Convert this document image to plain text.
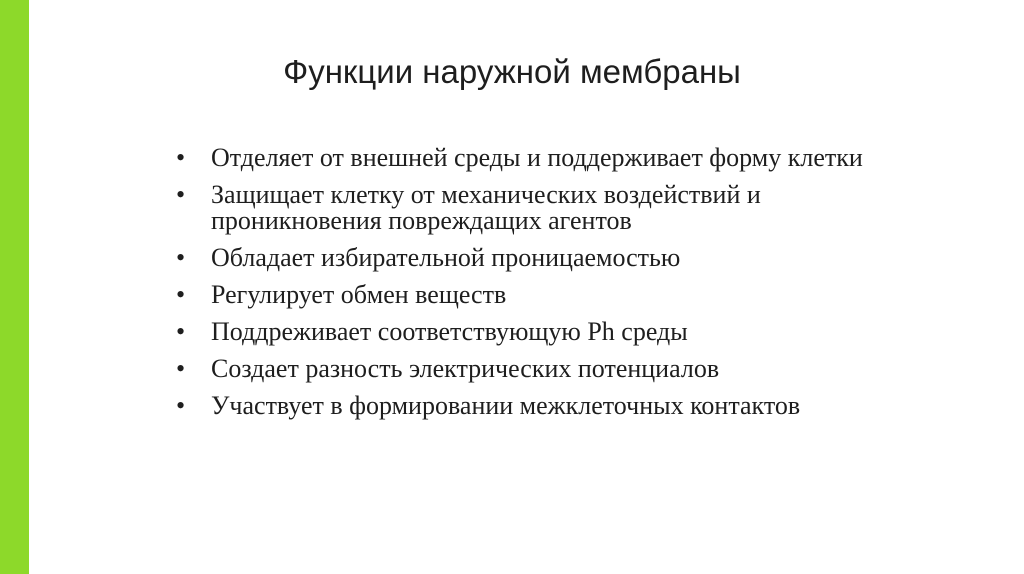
Функции наружной мембраны
• Отделяет от внешней среды и поддерживает форму клетки
• Защищает клетку от механических воздействий и проникновения повреждащих агентов
• Обладает избирательной проницаемостью
• Регулирует обмен веществ
• Поддреживает соответствующую Ph среды
• Создает разность электрических потенциалов
• Участвует в формировании межклеточных контактов
